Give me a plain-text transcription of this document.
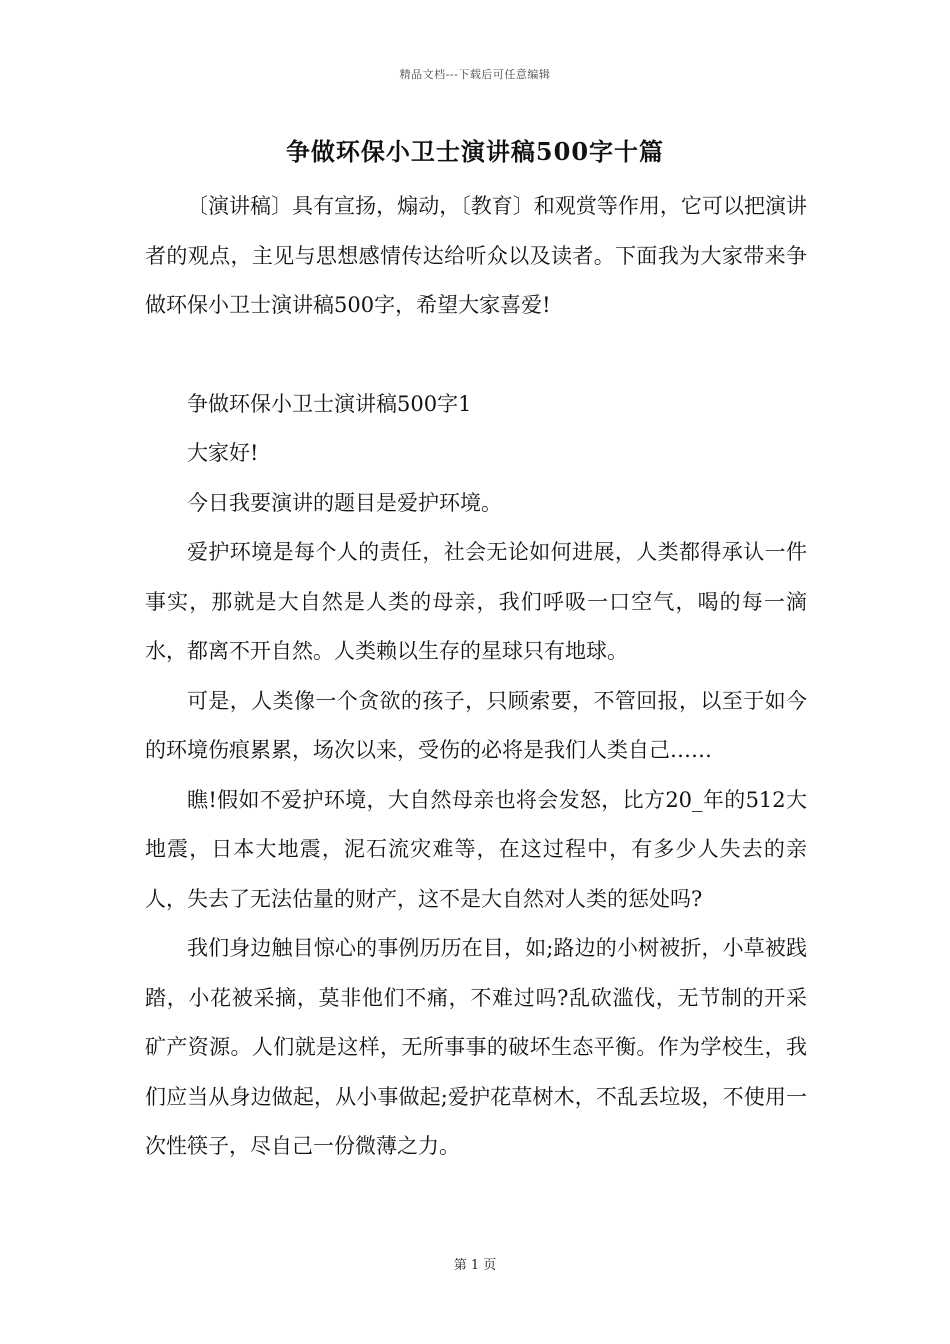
精品文档---下载后可任意编辑
争做环保小卫士演讲稿500字十篇

〔演讲稿〕具有宣扬，煽动，〔教育〕和观赏等作用，它可以把演讲者的观点，主见与思想感情传达给听众以及读者。下面我为大家带来争做环保小卫士演讲稿500字，希望大家喜爱!

争做环保小卫士演讲稿500字1

大家好!

今日我要演讲的题目是爱护环境。

爱护环境是每个人的责任，社会无论如何进展，人类都得承认一件事实，那就是大自然是人类的母亲，我们呼吸一口空气，喝的每一滴水，都离不开自然。人类赖以生存的星球只有地球。

可是，人类像一个贪欲的孩子，只顾索要，不管回报，以至于如今的环境伤痕累累，场次以来，受伤的必将是我们人类自己……

瞧!假如不爱护环境，大自然母亲也将会发怒，比方20_年的512大地震，日本大地震，泥石流灾难等，在这过程中，有多少人失去的亲人，失去了无法估量的财产，这不是大自然对人类的惩处吗?

我们身边触目惊心的事例历历在目，如;路边的小树被折，小草被践踏，小花被采摘，莫非他们不痛，不难过吗?乱砍滥伐，无节制的开采矿产资源。人们就是这样，无所事事的破坏生态平衡。作为学校生，我们应当从身边做起，从小事做起;爱护花草树木，不乱丢垃圾，不使用一次性筷子，尽自己一份微薄之力。

第 1 页
